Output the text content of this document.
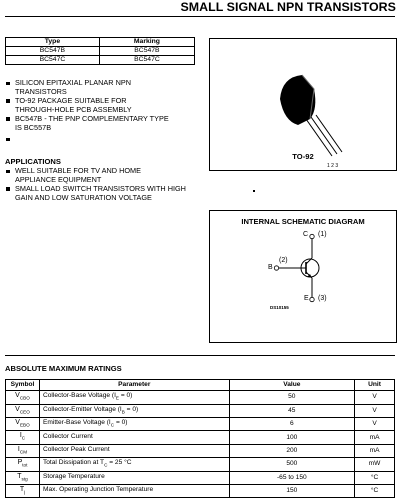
SMALL SIGNAL NPN TRANSISTORS
Type	Marking
BC547B	BC547B
BC547C	BC547C
SILICON EPITAXIAL PLANAR NPN TRANSISTORS
TO-92 PACKAGE SUITABLE FOR THROUGH-HOLE PCB ASSEMBLY
BC547B - THE PNP COMPLEMENTARY TYPE IS BC557B
APPLICATIONS
WELL SUITABLE FOR TV AND HOME APPLIANCE EQUIPMENT
SMALL LOAD SWITCH TRANSISTORS WITH HIGH GAIN AND LOW SATURATION VOLTAGE
1 2 3
TO-92
INTERNAL SCHEMATIC DIAGRAM
C (1)
B
(2)
E (3)
DS10155
ABSOLUTE MAXIMUM RATINGS
Symbol	Parameter	Value	Unit
$V_{CBO}$	Collector-Base Voltage $(I_E = 0)$	50	V
$V_{CEO}$	Collector-Emitter Voltage $(I_B = 0)$	45	V
$V_{EBO}$	Emitter-Base Voltage $(I_C = 0)$	6	V
$I_C$	Collector Current	100	mA
$I_{CM}$	Collector Peak Current	200	mA
$P_{tot}$	Total Dissipation at $T_C = 25$ °C	500	mW
$T_{stg}$	Storage Temperature	-65 to 150	°C
$T_j$	Max. Operating Junction Temperature	150	°C
